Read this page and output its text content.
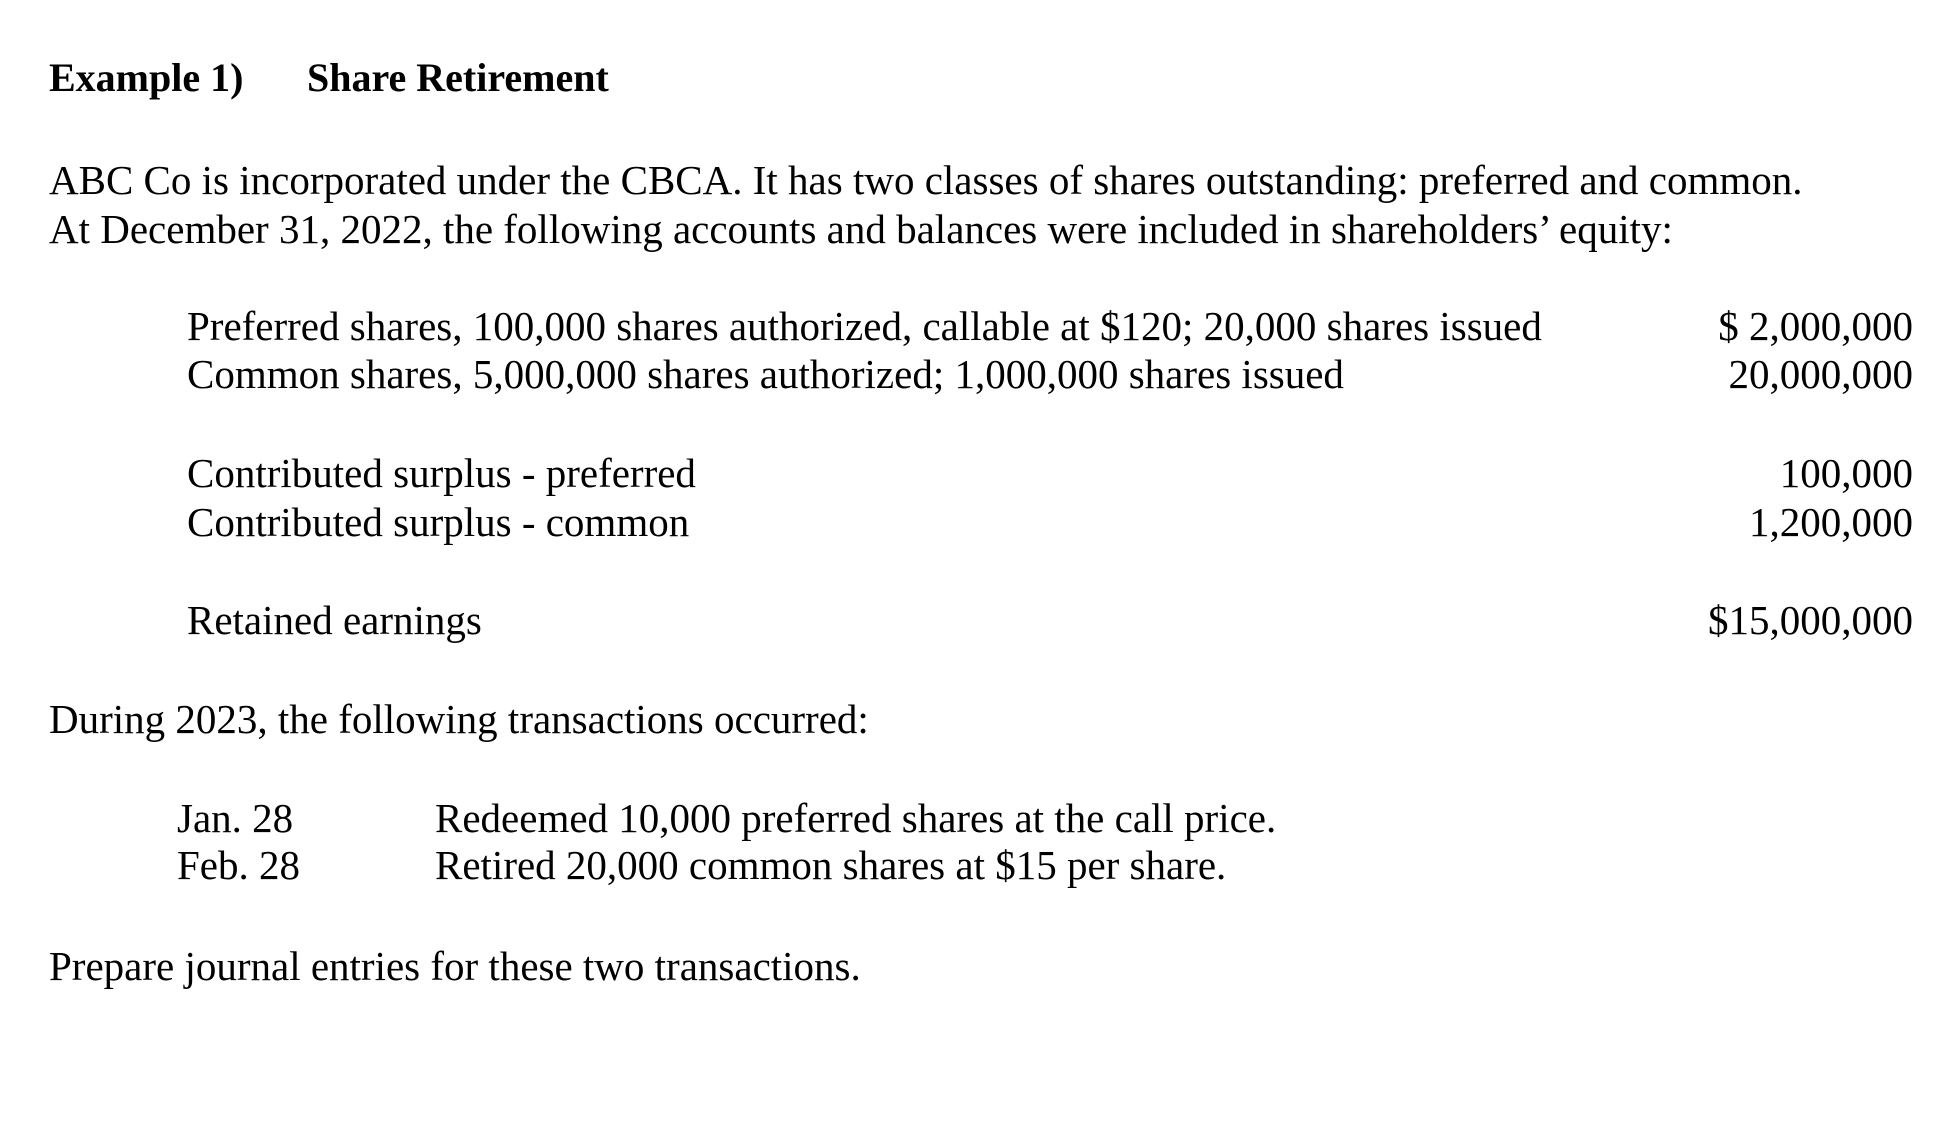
Example 1) Share Retirement
ABC Co is incorporated under the CBCA. It has two classes of shares outstanding: preferred and common.
At December 31, 2022, the following accounts and balances were included in shareholders’ equity:
Preferred shares, 100,000 shares authorized, callable at $120; 20,000 shares issued	$ 2,000,000
Common shares, 5,000,000 shares authorized; 1,000,000 shares issued	20,000,000
Contributed surplus - preferred	100,000
Contributed surplus - common	1,200,000
Retained earnings	$15,000,000
During 2023, the following transactions occurred:
Jan. 28	Redeemed 10,000 preferred shares at the call price.
Feb. 28	Retired 20,000 common shares at $15 per share.
Prepare journal entries for these two transactions.
